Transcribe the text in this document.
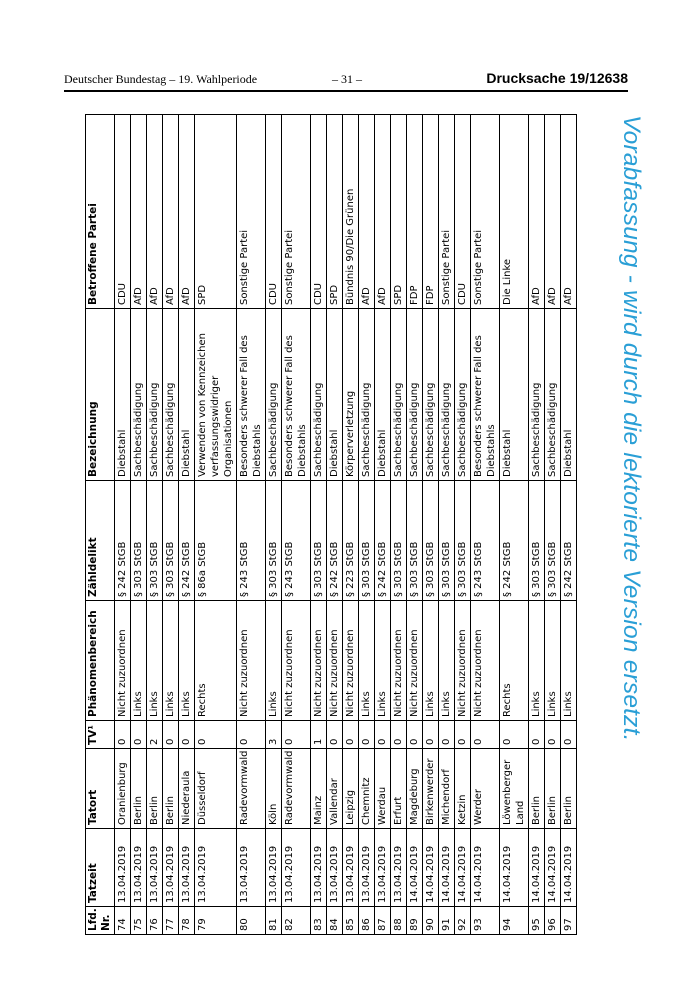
Deutscher Bundestag – 19. Wahlperiode	– 31 –	Drucksache 19/12638
Lfd. Nr.	Tatzeit	Tatort	TV¹	Phänomenbereich	Zähldelikt	Bezeichnung	Betroffene Partei
74	13.04.2019	Oranienburg	0	Nicht zuzuordnen	§ 242 StGB	Diebstahl	CDU
75	13.04.2019	Berlin	0	Links	§ 303 StGB	Sachbeschädigung	AfD
76	13.04.2019	Berlin	2	Links	§ 303 StGB	Sachbeschädigung	AfD
77	13.04.2019	Berlin	0	Links	§ 303 StGB	Sachbeschädigung	AfD
78	13.04.2019	Niederaula	0	Links	§ 242 StGB	Diebstahl	AfD
79	13.04.2019	Düsseldorf	0	Rechts	§ 86a StGB	Verwenden von Kennzeichen verfassungswidriger Organisationen	SPD
80	13.04.2019	Radevormwald	0	Nicht zuzuordnen	§ 243 StGB	Besonders schwerer Fall des Diebstahls	Sonstige Partei
81	13.04.2019	Köln	3	Links	§ 303 StGB	Sachbeschädigung	CDU
82	13.04.2019	Radevormwald	0	Nicht zuzuordnen	§ 243 StGB	Besonders schwerer Fall des Diebstahls	Sonstige Partei
83	13.04.2019	Mainz	1	Nicht zuzuordnen	§ 303 StGB	Sachbeschädigung	CDU
84	13.04.2019	Vallendar	0	Nicht zuzuordnen	§ 242 StGB	Diebstahl	SPD
85	13.04.2019	Leipzig	0	Nicht zuzuordnen	§ 223 StGB	Körperverletzung	Bündnis 90/Die Grünen
86	13.04.2019	Chemnitz	0	Links	§ 303 StGB	Sachbeschädigung	AfD
87	13.04.2019	Werdau	0	Links	§ 242 StGB	Diebstahl	AfD
88	13.04.2019	Erfurt	0	Nicht zuzuordnen	§ 303 StGB	Sachbeschädigung	SPD
89	14.04.2019	Magdeburg	0	Nicht zuzuordnen	§ 303 StGB	Sachbeschädigung	FDP
90	14.04.2019	Birkenwerder	0	Links	§ 303 StGB	Sachbeschädigung	FDP
91	14.04.2019	Michendorf	0	Links	§ 303 StGB	Sachbeschädigung	Sonstige Partei
92	14.04.2019	Ketzin	0	Nicht zuzuordnen	§ 303 StGB	Sachbeschädigung	CDU
93	14.04.2019	Werder	0	Nicht zuzuordnen	§ 243 StGB	Besonders schwerer Fall des Diebstahls	Sonstige Partei
94	14.04.2019	Löwenberger Land	0	Rechts	§ 242 StGB	Diebstahl	Die Linke
95	14.04.2019	Berlin	0	Links	§ 303 StGB	Sachbeschädigung	AfD
96	14.04.2019	Berlin	0	Links	§ 303 StGB	Sachbeschädigung	AfD
97	14.04.2019	Berlin	0	Links	§ 242 StGB	Diebstahl	AfD Vorabfassung - wird durch die lektorierte Version ersetzt.
